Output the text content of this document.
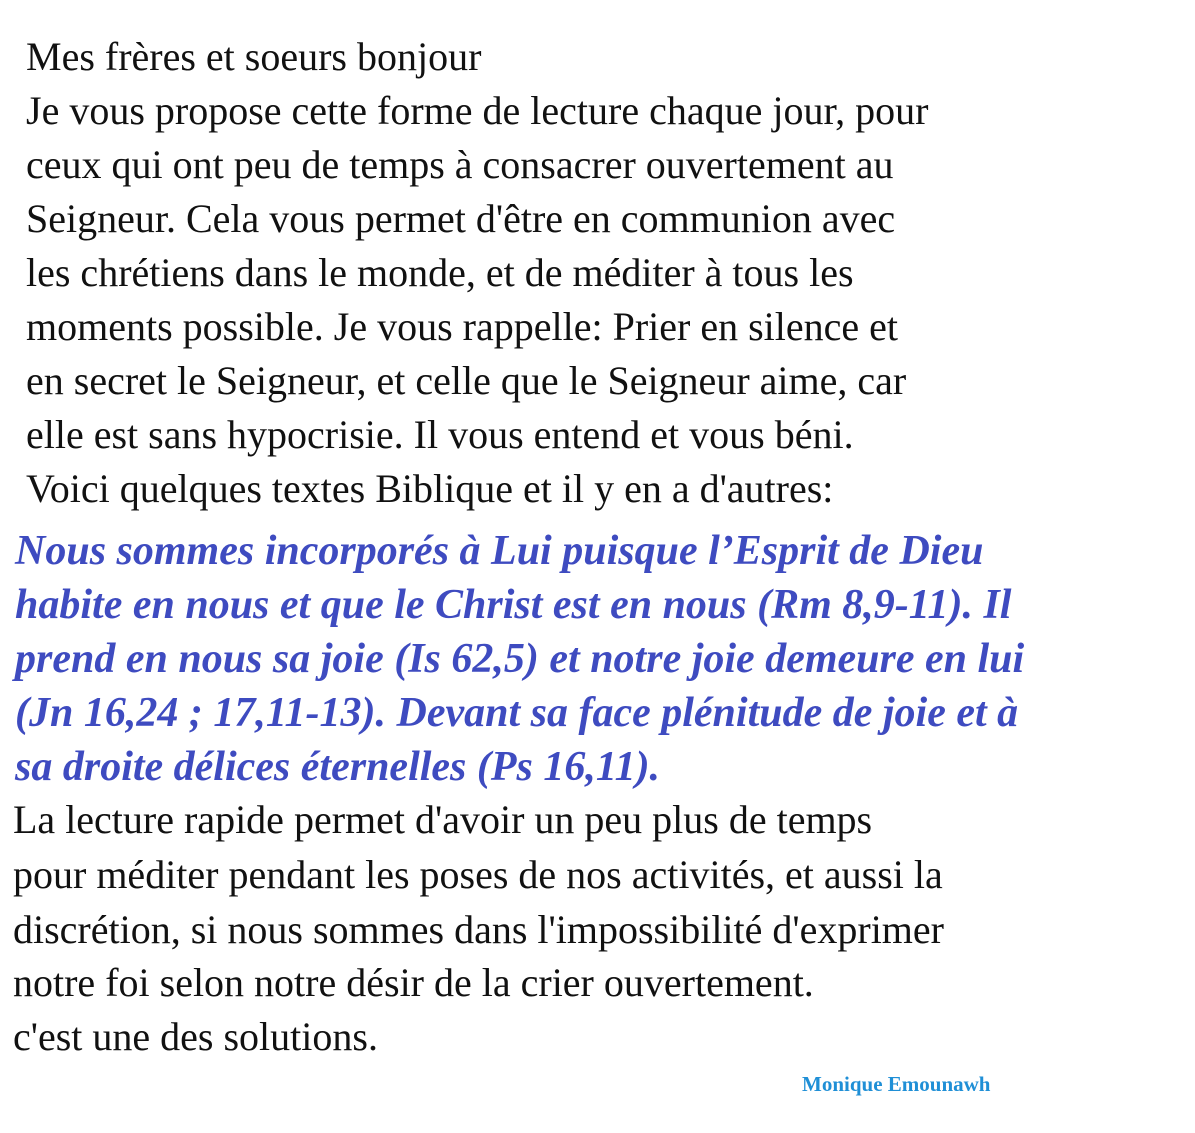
Mes frères et soeurs bonjour

Je vous propose cette forme de lecture chaque jour, pour

ceux qui ont peu de temps à consacrer ouvertement au

Seigneur. Cela vous permet d'être en communion avec

les chrétiens dans le monde, et de méditer à tous les

moments possible. Je vous rappelle: Prier en silence et

en secret le Seigneur, et celle que le Seigneur aime, car

elle est sans hypocrisie. Il vous entend et vous béni.

Voici quelques textes Biblique et il y en a d'autres:

Nous sommes incorporés à Lui puisque l’Esprit de Dieu

habite en nous et que le Christ est en nous (Rm 8,9-11). Il

prend en nous sa joie (Is 62,5) et notre joie demeure en lui

(Jn 16,24 ; 17,11-13). Devant sa face plénitude de joie et à

sa droite délices éternelles (Ps 16,11).

La lecture rapide permet d'avoir un peu plus de temps

pour méditer pendant les poses de nos activités, et aussi la

discrétion, si nous sommes dans l'impossibilité d'exprimer

notre foi selon notre désir de la crier ouvertement.

c'est une des solutions.

Monique Emounawh
